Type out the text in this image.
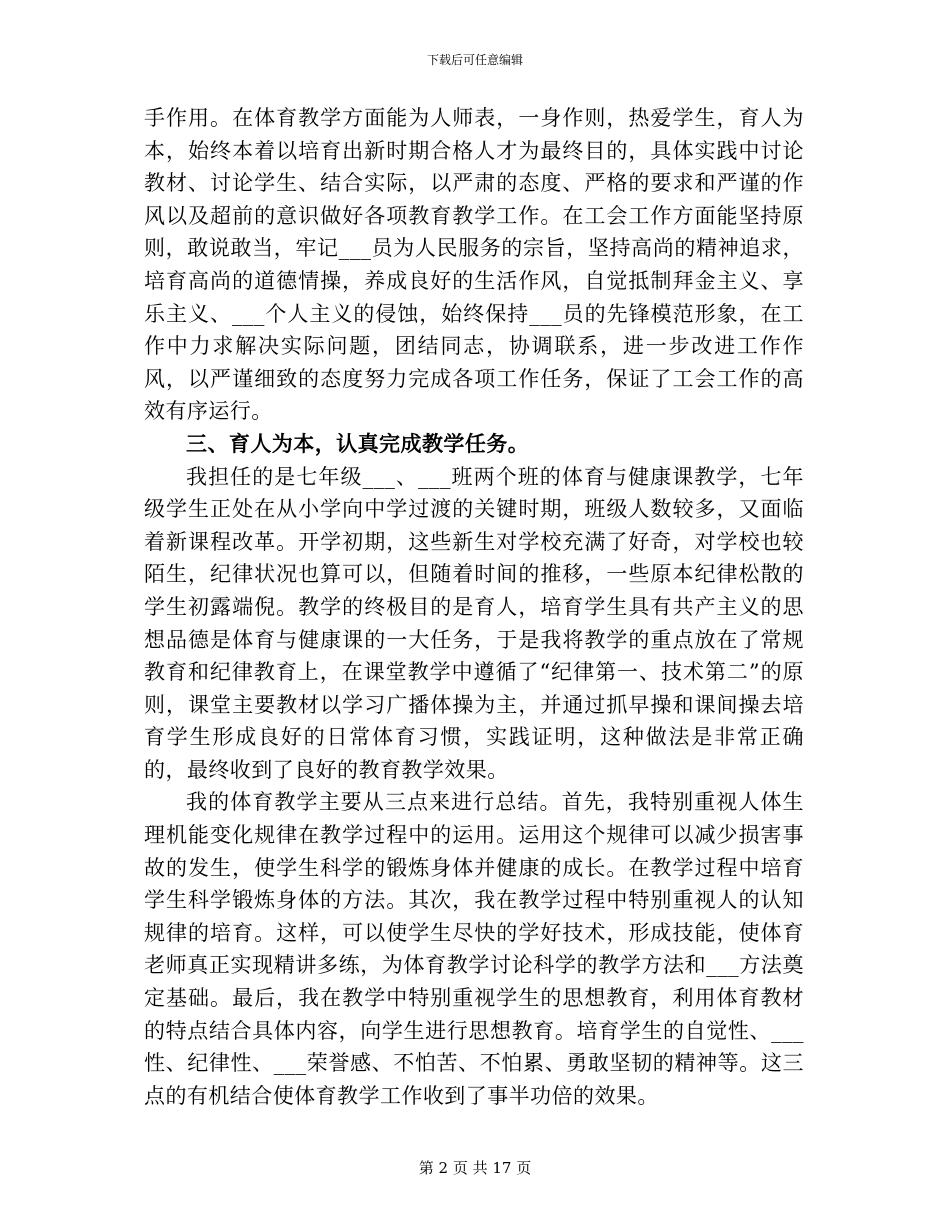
下载后可任意编辑

手作用。在体育教学方面能为人师表，一身作则，热爱学生，育人为本，始终本着以培育出新时期合格人才为最终目的，具体实践中讨论教材、讨论学生、结合实际，以严肃的态度、严格的要求和严谨的作风以及超前的意识做好各项教育教学工作。在工会工作方面能坚持原则，敢说敢当，牢记___员为人民服务的宗旨，坚持高尚的精神追求，培育高尚的道德情操，养成良好的生活作风，自觉抵制拜金主义、享乐主义、___个人主义的侵蚀，始终保持___员的先锋模范形象，在工作中力求解决实际问题，团结同志，协调联系，进一步改进工作作风，以严谨细致的态度努力完成各项工作任务，保证了工会工作的高效有序运行。

三、育人为本，认真完成教学任务。

我担任的是七年级___、___班两个班的体育与健康课教学，七年级学生正处在从小学向中学过渡的关键时期，班级人数较多，又面临着新课程改革。开学初期，这些新生对学校充满了好奇，对学校也较陌生，纪律状况也算可以，但随着时间的推移，一些原本纪律松散的学生初露端倪。教学的终极目的是育人，培育学生具有共产主义的思想品德是体育与健康课的一大任务，于是我将教学的重点放在了常规教育和纪律教育上，在课堂教学中遵循了“纪律第一、技术第二”的原则，课堂主要教材以学习广播体操为主，并通过抓早操和课间操去培育学生形成良好的日常体育习惯，实践证明，这种做法是非常正确的，最终收到了良好的教育教学效果。

我的体育教学主要从三点来进行总结。首先，我特别重视人体生理机能变化规律在教学过程中的运用。运用这个规律可以减少损害事故的发生，使学生科学的锻炼身体并健康的成长。在教学过程中培育学生科学锻炼身体的方法。其次，我在教学过程中特别重视人的认知规律的培育。这样，可以使学生尽快的学好技术，形成技能，使体育老师真正实现精讲多练，为体育教学讨论科学的教学方法和___方法奠定基础。最后，我在教学中特别重视学生的思想教育，利用体育教材的特点结合具体内容，向学生进行思想教育。培育学生的自觉性、___性、纪律性、___荣誉感、不怕苦、不怕累、勇敢坚韧的精神等。这三点的有机结合使体育教学工作收到了事半功倍的效果。

第 2 页 共 17 页
